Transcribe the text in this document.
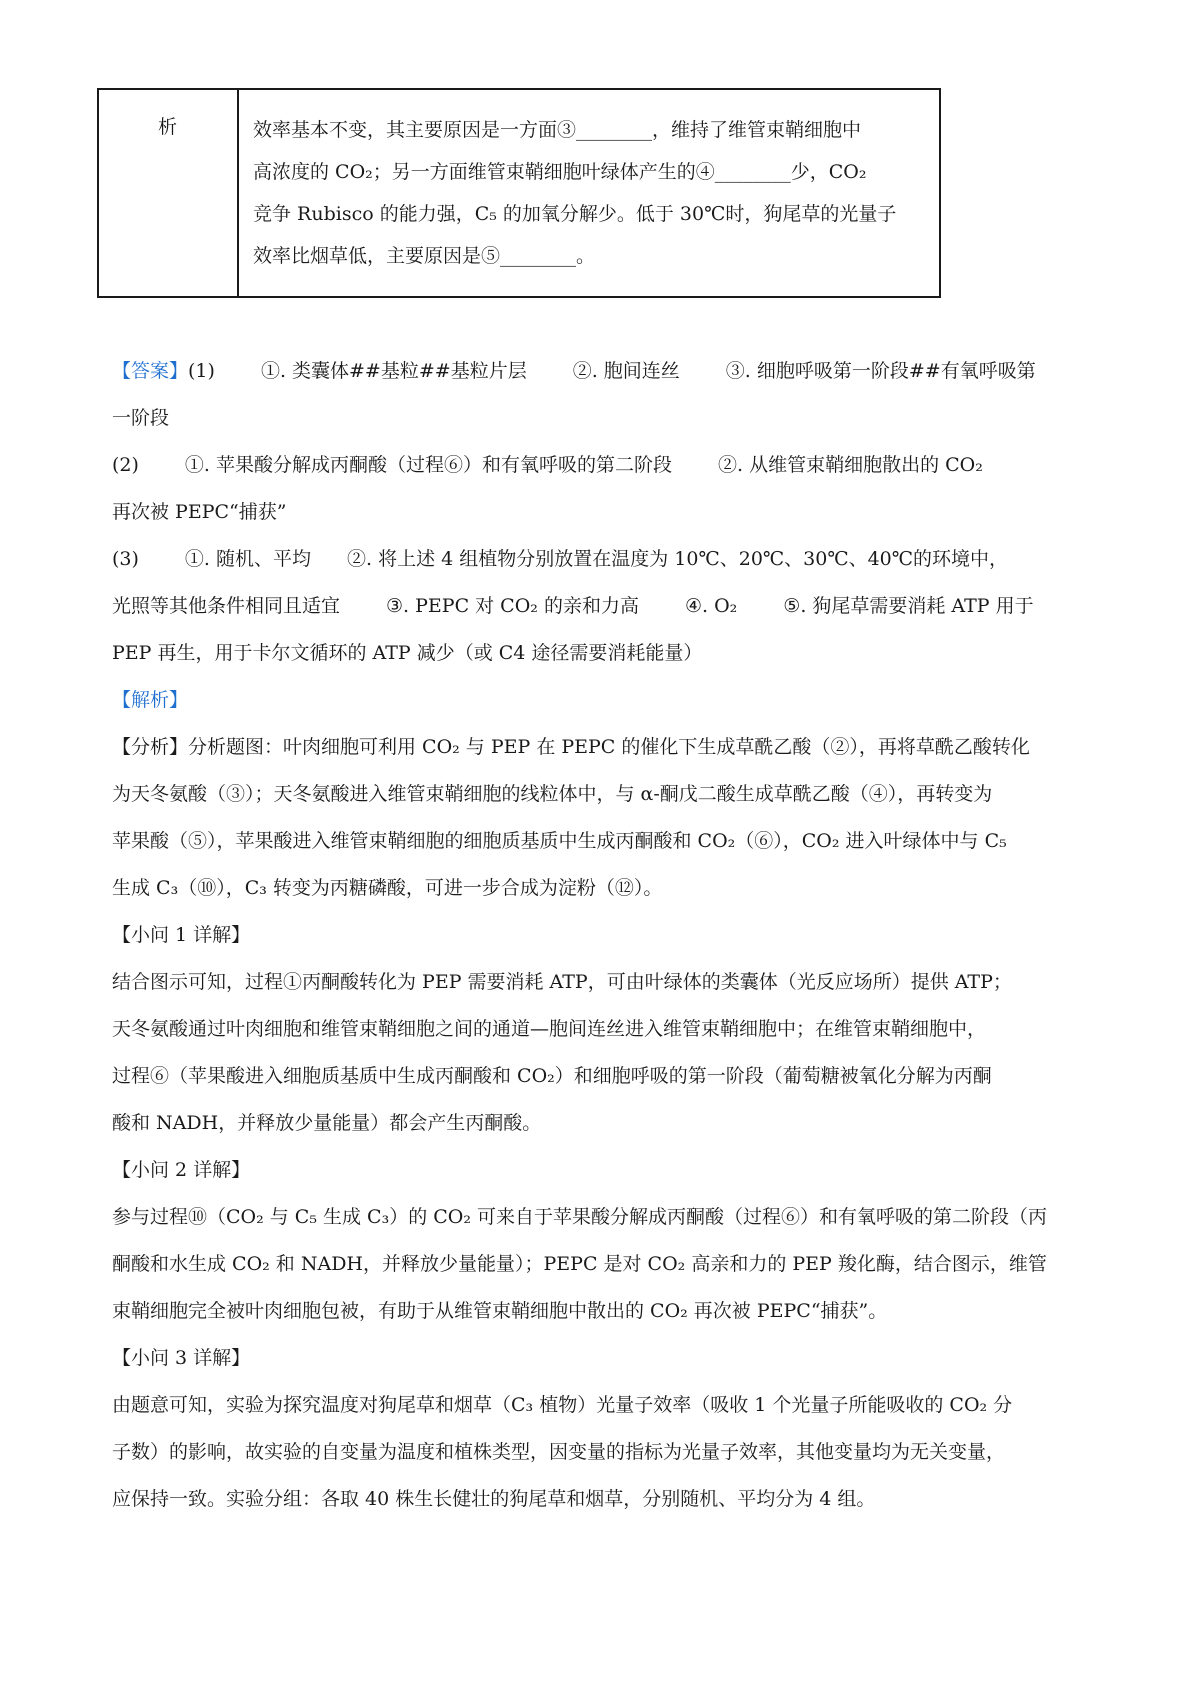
析	效率基本不变，其主要原因是一方面③________，维持了维管束鞘细胞中
高浓度的 CO₂；另一方面维管束鞘细胞叶绿体产生的④________少，CO₂
竞争 Rubisco 的能力强，C₅ 的加氧分解少。低于 30℃时，狗尾草的光量子
效率比烟草低，主要原因是⑤________。
【答案】(1) ①. 类囊体##基粒##基粒片层 ②. 胞间连丝 ③. 细胞呼吸第一阶段##有氧呼吸第
一阶段
(2) ①. 苹果酸分解成丙酮酸（过程⑥）和有氧呼吸的第二阶段 ②. 从维管束鞘细胞散出的 CO₂
再次被 PEPC“捕获”
(3) ①. 随机、平均 ②. 将上述 4 组植物分别放置在温度为 10℃、20℃、30℃、40℃的环境中，
光照等其他条件相同且适宜 ③. PEPC 对 CO₂ 的亲和力高 ④. O₂ ⑤. 狗尾草需要消耗 ATP 用于
PEP 再生，用于卡尔文循环的 ATP 减少（或 C4 途径需要消耗能量）
【解析】
【分析】分析题图：叶肉细胞可利用 CO₂ 与 PEP 在 PEPC 的催化下生成草酰乙酸（②），再将草酰乙酸转化
为天冬氨酸（③）；天冬氨酸进入维管束鞘细胞的线粒体中，与 α-酮戊二酸生成草酰乙酸（④），再转变为
苹果酸（⑤），苹果酸进入维管束鞘细胞的细胞质基质中生成丙酮酸和 CO₂（⑥），CO₂ 进入叶绿体中与 C₅
生成 C₃（⑩），C₃ 转变为丙糖磷酸，可进一步合成为淀粉（⑫）。
【小问 1 详解】
结合图示可知，过程①丙酮酸转化为 PEP 需要消耗 ATP，可由叶绿体的类囊体（光反应场所）提供 ATP；
天冬氨酸通过叶肉细胞和维管束鞘细胞之间的通道—胞间连丝进入维管束鞘细胞中；在维管束鞘细胞中，
过程⑥（苹果酸进入细胞质基质中生成丙酮酸和 CO₂）和细胞呼吸的第一阶段（葡萄糖被氧化分解为丙酮
酸和 NADH，并释放少量能量）都会产生丙酮酸。
【小问 2 详解】
参与过程⑩（CO₂ 与 C₅ 生成 C₃）的 CO₂ 可来自于苹果酸分解成丙酮酸（过程⑥）和有氧呼吸的第二阶段（丙
酮酸和水生成 CO₂ 和 NADH，并释放少量能量）；PEPC 是对 CO₂ 高亲和力的 PEP 羧化酶，结合图示，维管
束鞘细胞完全被叶肉细胞包被，有助于从维管束鞘细胞中散出的 CO₂ 再次被 PEPC“捕获”。
【小问 3 详解】
由题意可知，实验为探究温度对狗尾草和烟草（C₃ 植物）光量子效率（吸收 1 个光量子所能吸收的 CO₂ 分
子数）的影响，故实验的自变量为温度和植株类型，因变量的指标为光量子效率，其他变量均为无关变量，
应保持一致。实验分组：各取 40 株生长健壮的狗尾草和烟草，分别随机、平均分为 4 组。
